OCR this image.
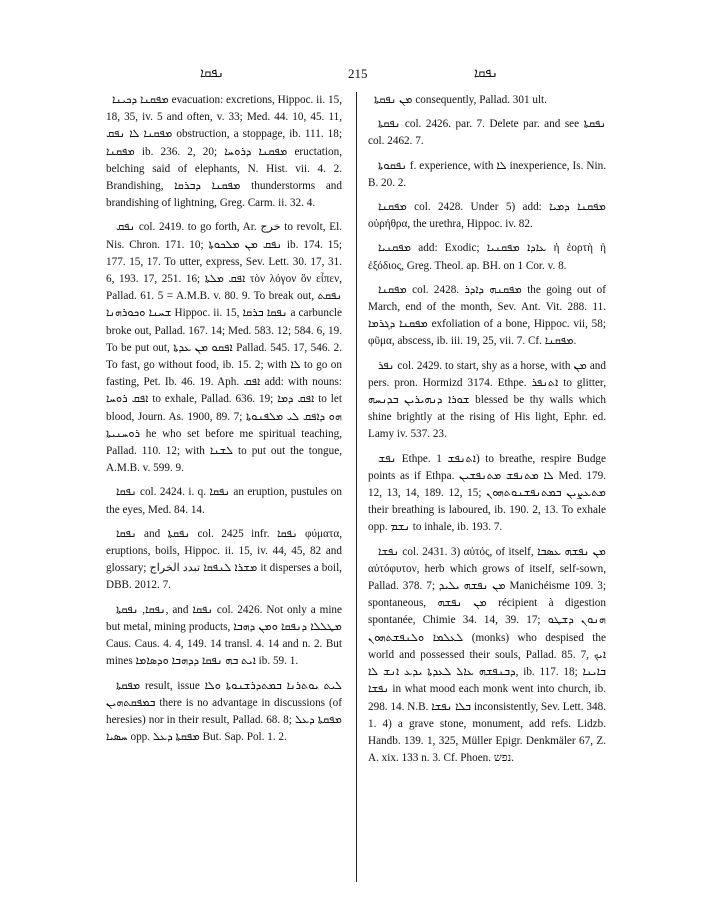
ܢܦܩܐ	215	ܢܦܩܐ

ܡܦܩܢܐ ܕܟܝܢܐ evacuation: excretions, Hippoc. ii. 15, 18, 35, iv. 5 and often, v. 33; Med. 44. 10, 45. 11, ܡܦܩܢܐ ܠܐ ܢܦܩ obstruction, a stoppage, ib. 111. 18; ܡܦܩܢܐ ib. 236. 2, 20; ܡܦܩܢܐ ܕܪܘܚܐ eructation, belching said of elephants, N. Hist. vii. 4. 2. Brandishing, ܡܦܩܢܐ ܕܒܪܩܐ thunderstorms and brandishing of lightning, Greg. Carm. ii. 32. 4.

ܢܦܩ col. 2419. to go forth, Ar. خرج to revolt, El. Nis. Chron. 171. 10; ܢܦܩ ܡܢ ܡܠܟܘܬܐ ib. 174. 15; 177. 15, 17. To utter, express, Sev. Lett. 30. 17, 31. 6, 193. 17, 251. 16; ܐܦܩ ܡܠܬܐ τὸν λόγον ὃν εἶπεν, Pallad. 61. 5 = A.M.B. v. 80. 9. To break out, ܢܦܩܬ ܫܚܢܐ ܘܟܘܪܗܢܐ Hippoc. ii. 15, ܢܦܩܐ ܒܪܩܐ a carbuncle broke out, Pallad. 167. 14; Med. 583. 12; 584. 6, 19. To be put out, ܐܦܩܘ ܡܢ ܥܕܬܐ Pallad. 545. 17, 546. 2. To fast, go without food, ib. 15. 2; with ܠܐ to go on fasting, Pet. Ib. 46. 19. Aph. ܐܦܩ add: with nouns: ܐܦܩ ܪܘܚܐ to exhale, Pallad. 636. 19; ܐܦܩ ܕܡܐ to let blood, Journ. As. 1900, 89. 7; ܗܘ ܕܐܦܩ ܠܝ ܡܠܦܢܘܬܐ ܪܘܚܢܝܬܐ he who set before me spiritual teaching, Pallad. 110. 12; with ܠܫܢܐ to put out the tongue, A.M.B. v. 599. 9.

ܢܦܩܐ col. 2424. i. q. ܢܦܩܐ an eruption, pustules on the eyes, Med. 84. 14.

ܢܦܩܐ and ܢܦܩܬܐ col. 2425 infr. ܢܦܩܐ φύματα, eruptions, boils, Hippoc. ii. 15, iv. 44, 45, 82 and glossary; ܡܫܪܐ ܠܢܦܩܐ تبدد الخراج it disperses a boil, DBB. 2012. 7.

ܢܦܩܐ, ܢܦܩܬܐ, and ܢܦܩܐ col. 2426. Not only a mine but metal, mining products, ܡܛܠܠܐ ܕܢܦܩܐ ܘܡܢ ܕܗܒܐ Caus. Caus. 4. 4, 149. 14 transl. 4. 14 and n. 2. But mines ܐܝܬ ܒܗ ܢܦܩܐ ܕܕܗܒܐ ܘܕܣܐܡܐ ib. 59. 1.

ܡܦܩܬܐ result, issue ܠܝܬ ܝܘܬܪܢܐ ܒܡܬܕܪܫܢܘܬܐ ܘܠܐ ܒܡܦܩܬܗܝܢ there is no advantage in discussions (of heresies) nor in their result, Pallad. 68. 8; ܡܦܩܬܐ ܕܥܠ ܚܣܝܐ opp. ܡܦܩܬܐ ܕܥܠ But. Sap. Pol. 1. 2.

ܡܢ ܢܦܩܬܐ consequently, Pallad. 301 ult.

ܢܦܩܬܐ col. 2426. par. 7. Delete par. and see ܢܦܩܬܐ col. 2462. 7.

ܢܦܩܘܬܐ f. experience, with ܠܐ inexperience, Is. Nin. B. 20. 2.

ܡܦܩܢܐ col. 2428. Under 5) add: ܡܦܩܢܐ ܕܡܝܐ οὐρήθρα, the urethra, Hippoc. iv. 82.

ܡܦܩܢܝܐ add: Exodic; ܥܐܕܐ ܡܦܩܢܝܐ ἡ ἑορτὴ ἡ ἐξόδιος, Greg. Theol. ap. BH. on 1 Cor. v. 8.

ܡܦܩܢܐ col. 2428. ܡܦܩܢܗ ܕܐܕܪ the going out of March, end of the month, Sev. Ant. Vit. 288. 11. ܡܦܩܢܐ ܕܓܪܡܐ exfoliation of a bone, Hippoc. vii, 58; φῦμα, abscess, ib. iii. 19, 25, vii. 7. Cf. ܡܦܩܢܐ.

ܢܦܪ col. 2429. to start, shy as a horse, with ܡܢ and pers. pron. Hormizd 3174. Ethpe. ܐܬܢܦܪ to glitter, ܫܘܪܐ ܕܢܗܝܪܝܢ ܒܕܢܚܗ blessed be thy walls which shine brightly at the rising of His light, Ephr. ed. Lamy iv. 537. 23.

ܢܦܫ Ethpe. ܐܬܢܦܫ 1) to breathe, respire Budge points as if Ethpa. ܠܐ ܡܬܢܦܫ ܡܬܢܦܫܝܢ Med. 179. 12, 13, 14, 189. 12, 15; ܡܬܥܨܝܢ ܒܡܬܢܦܫܢܘܬܗܘܢ their breathing is laboured, ib. 190. 2, 13. To exhale opp. ܢܫܡ to inhale, ib. 193. 7.

ܢܦܫܐ col. 2431. 3) αὐτός, of itself, ܡܢ ܢܦܫܗ ܥܣܒܐ αὐτόφυτον, herb which grows of itself, self-sown, Pallad. 378. 7; ܡܢ ܢܦܫܗ ܝܠܝܕ Manichéisme 109. 3; spontaneous, ܡܢ ܢܦܫܗ récipient à digestion spontanée, Chimie 34. 14, 39. 17; ܗܢܘܢ ܕܫܛܘ ܠܥܠܡܐ ܘܠܢܦܫܬܗܘܢ (monks) who despised the world and possessed their souls, Pallad. 85. 7, ܐܝܟ ܕܒܢܦܫܗ ܥܐܠ ܠܥܕܬܐ ܝܕܥ ܐܢܫ ܠܐ, ib. 117. 18; ܒܐܝܢܐ ܢܦܫܐ in what mood each monk went into church, ib. 298. 14. N.B. ܒܠܐ ܢܦܫܐ inconsistently, Sev. Lett. 348. 1. 4) a grave stone, monument, add refs. Lidzb. Handb. 139. 1, 325, Müller Epigr. Denkmäler 67, Z. A. xix. 133 n. 3. Cf. Phoen. נפש.
